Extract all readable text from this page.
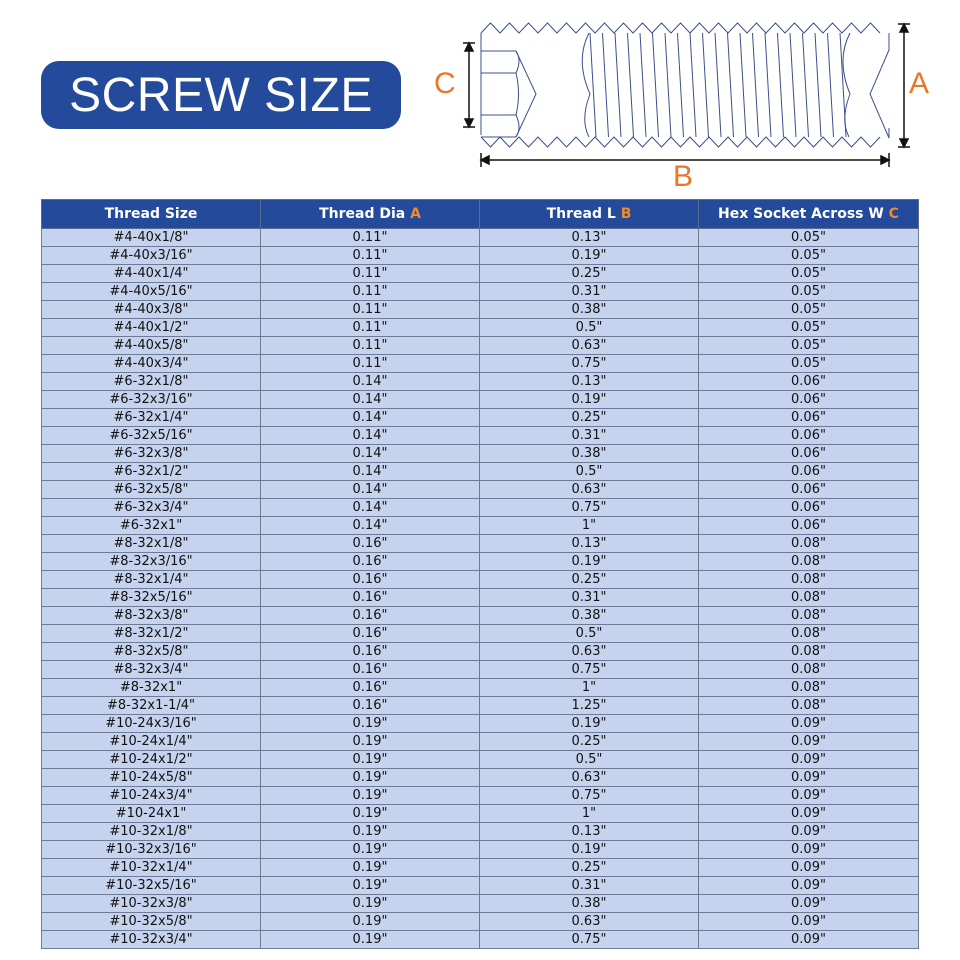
SCREW SIZE C	A
B
Thread Size	Thread Dia A	Thread L B	Hex Socket Across W C
#4-40x1/8"	0.11"	0.13"	0.05"
#4-40x3/16"	0.11"	0.19"	0.05"
#4-40x1/4"	0.11"	0.25"	0.05"
#4-40x5/16"	0.11"	0.31"	0.05"
#4-40x3/8"	0.11"	0.38"	0.05"
#4-40x1/2"	0.11"	0.5"	0.05"
#4-40x5/8"	0.11"	0.63"	0.05"
#4-40x3/4"	0.11"	0.75"	0.05"
#6-32x1/8"	0.14"	0.13"	0.06"
#6-32x3/16"	0.14"	0.19"	0.06"
#6-32x1/4"	0.14"	0.25"	0.06"
#6-32x5/16"	0.14"	0.31"	0.06"
#6-32x3/8"	0.14"	0.38"	0.06"
#6-32x1/2"	0.14"	0.5"	0.06"
#6-32x5/8"	0.14"	0.63"	0.06"
#6-32x3/4"	0.14"	0.75"	0.06"
#6-32x1"	0.14"	1"	0.06"
#8-32x1/8"	0.16"	0.13"	0.08"
#8-32x3/16"	0.16"	0.19"	0.08"
#8-32x1/4"	0.16"	0.25"	0.08"
#8-32x5/16"	0.16"	0.31"	0.08"
#8-32x3/8"	0.16"	0.38"	0.08"
#8-32x1/2"	0.16"	0.5"	0.08"
#8-32x5/8"	0.16"	0.63"	0.08"
#8-32x3/4"	0.16"	0.75"	0.08"
#8-32x1"	0.16"	1"	0.08"
#8-32x1-1/4"	0.16"	1.25"	0.08"
#10-24x3/16"	0.19"	0.19"	0.09"
#10-24x1/4"	0.19"	0.25"	0.09"
#10-24x1/2"	0.19"	0.5"	0.09"
#10-24x5/8"	0.19"	0.63"	0.09"
#10-24x3/4"	0.19"	0.75"	0.09"
#10-24x1"	0.19"	1"	0.09"
#10-32x1/8"	0.19"	0.13"	0.09"
#10-32x3/16"	0.19"	0.19"	0.09"
#10-32x1/4"	0.19"	0.25"	0.09"
#10-32x5/16"	0.19"	0.31"	0.09"
#10-32x3/8"	0.19"	0.38"	0.09"
#10-32x5/8"	0.19"	0.63"	0.09"
#10-32x3/4"	0.19"	0.75"	0.09"
